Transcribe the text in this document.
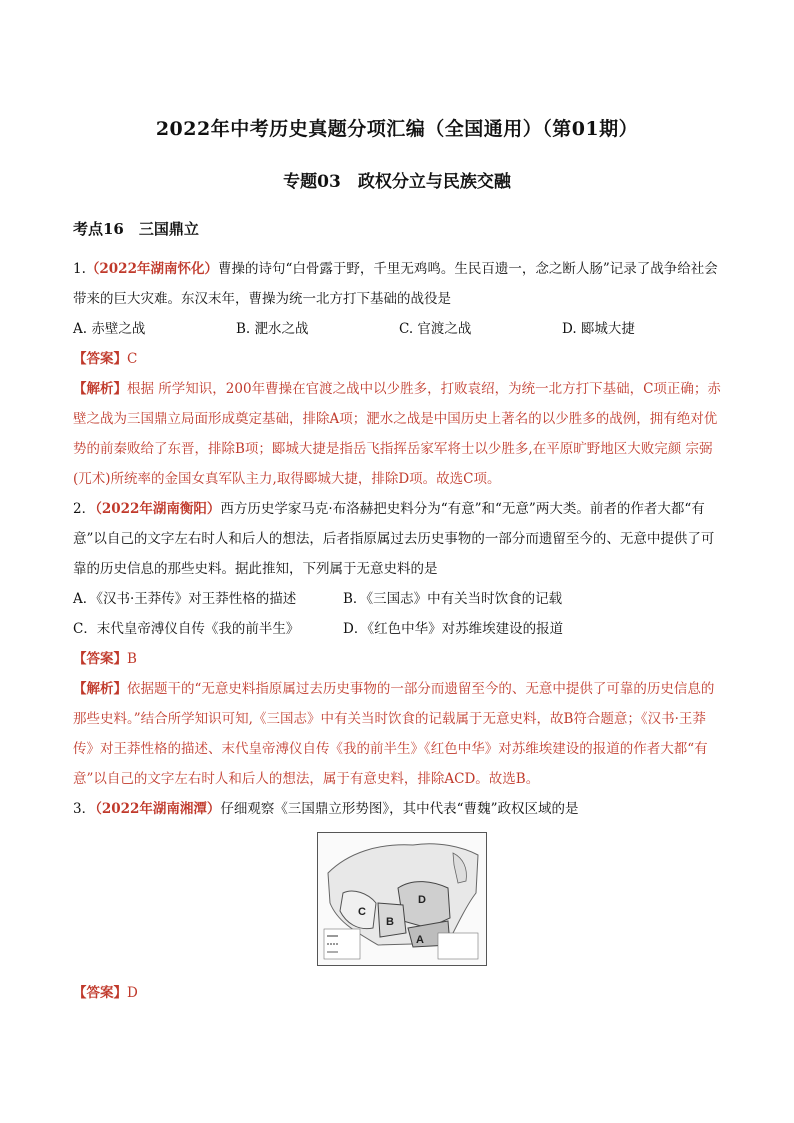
2022年中考历史真题分项汇编（全国通用）（第01期）
专题03　政权分立与民族交融
考点16　三国鼎立

1.（2022年湖南怀化）曹操的诗句“白骨露于野，千里无鸡鸣。生民百遗一，念之断人肠”记录了战争给社会带来的巨大灾难。东汉末年，曹操为统一北方打下基础的战役是

A. 赤壁之战	B. 淝水之战	C. 官渡之战	D. 郾城大捷

【答案】C

【解析】根据 所学知识，200年曹操在官渡之战中以少胜多，打败袁绍，为统一北方打下基础，C项正确；赤壁之战为三国鼎立局面形成奠定基础，排除A项；淝水之战是中国历史上著名的以少胜多的战例，拥有绝对优势的前秦败给了东晋，排除B项；郾城大捷是指岳飞指挥岳家军将士以少胜多,在平原旷野地区大败完颜 宗弼(兀术)所统率的金国女真军队主力,取得郾城大捷，排除D项。故选C项。

2．（2022年湖南衡阳）西方历史学家马克·布洛赫把史料分为“有意”和“无意”两大类。前者的作者大都“有意”以自己的文字左右时人和后人的想法，后者指原属过去历史事物的一部分而遗留至今的、无意中提供了可靠的历史信息的那些史料。据此推知，下列属于无意史料的是

A．《汉书·王莽传》对王莽性格的描述	B．《三国志》中有关当时饮食的记载
C．末代皇帝溥仪自传《我的前半生》	D．《红色中华》对苏维埃建设的报道

【答案】B

【解析】依据题干的“无意史料指原属过去历史事物的一部分而遗留至今的、无意中提供了可靠的历史信息的那些史料。”结合所学知识可知,《三国志》中有关当时饮食的记载属于无意史料，故B符合题意；《汉书·王莽传》对王莽性格的描述、末代皇帝溥仪自传《我的前半生》《红色中华》对苏维埃建设的报道的作者大都“有意”以自己的文字左右时人和后人的想法，属于有意史料，排除ACD。故选B。

3．（2022年湖南湘潭）仔细观察《三国鼎立形势图》，其中代表“曹魏”政权区域的是

A
B
C
D

【答案】D
